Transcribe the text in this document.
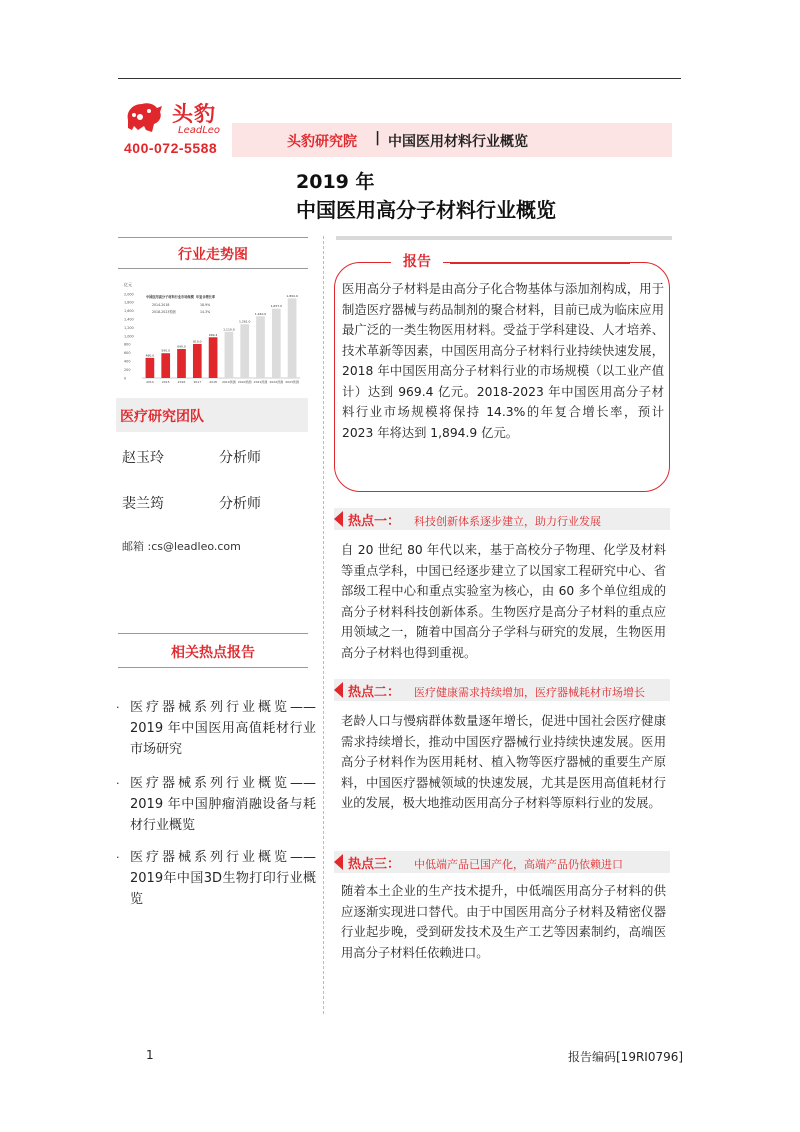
头豹
LeadLeo
400-072-5588	头豹研究院 | 中国医用材料行业概览
2019 年
中国医用高分子材料行业概览
行业走势图
亿元
2,000
1,800
1,600
1,400
1,200
1,000
800
600
400
200
0
中国医用高分子材料行业市场规模 年复合增长率
2014-2018	18.9%
2018-2023预测	14.3%
480.0
2014
590.0
2015
690.0
2016
810.0
2017
969.4
2018
1,110.0
2019预测
1,261.0
2020预测
1,440.0
2021预测
1,657.0
2022预测
1,894.9
2023预测
医疗研究团队
赵玉玲	分析师
裴兰筠	分析师
邮箱 :cs@leadleo.com
相关热点报告
· 医疗器械系列行业概览——2019 年中国医用高值耗材行业市场研究
· 医疗器械系列行业概览——2019 年中国肿瘤消融设备与耗材行业概览
· 医疗器械系列行业概览——2019年中国3D生物打印行业概览
报告
医用高分子材料是由高分子化合物基体与添加剂构成，用于制造医疗器械与药品制剂的聚合材料，目前已成为临床应用最广泛的一类生物医用材料。受益于学科建设、人才培养、技术革新等因素，中国医用高分子材料行业持续快速发展，2018 年中国医用高分子材料行业的市场规模（以工业产值计）达到 969.4 亿元。2018-2023 年中国医用高分子材料行业市场规模将保持 14.3%的年复合增长率，预计 2023 年将达到 1,894.9 亿元。
热点一： 科技创新体系逐步建立，助力行业发展
自 20 世纪 80 年代以来，基于高校分子物理、化学及材料等重点学科，中国已经逐步建立了以国家工程研究中心、省部级工程中心和重点实验室为核心，由 60 多个单位组成的高分子材料科技创新体系。生物医疗是高分子材料的重点应用领域之一，随着中国高分子学科与研究的发展，生物医用高分子材料也得到重视。
热点二： 医疗健康需求持续增加，医疗器械耗材市场增长
老龄人口与慢病群体数量逐年增长，促进中国社会医疗健康需求持续增长，推动中国医疗器械行业持续快速发展。医用高分子材料作为医用耗材、植入物等医疗器械的重要生产原料，中国医疗器械领域的快速发展，尤其是医用高值耗材行业的发展，极大地推动医用高分子材料等原料行业的发展。
热点三： 中低端产品已国产化，高端产品仍依赖进口
随着本土企业的生产技术提升，中低端医用高分子材料的供应逐渐实现进口替代。由于中国医用高分子材料及精密仪器行业起步晚，受到研发技术及生产工艺等因素制约，高端医用高分子材料任依赖进口。
1	报告编码[19RI0796]
